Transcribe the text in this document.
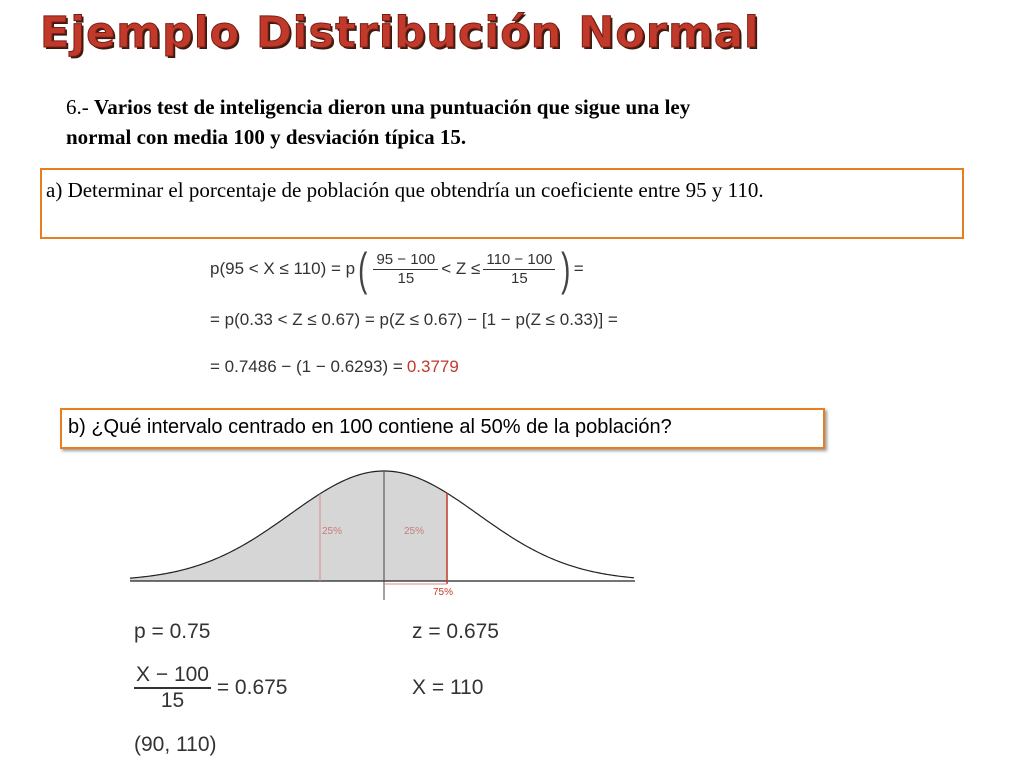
Ejemplo Distribución Normal
6.- Varios test de inteligencia dieron una puntuación que sigue una ley
normal con media 100 y desviación típica 15.
a) Determinar el porcentaje de población que obtendría un coeficiente entre 95 y 110.
p(95 < X ≤ 110) = p ( $\frac{95 - 100}{15} < Z \le \frac{110 - 100}{15}$ ) =
= p(0.33 < Z ≤ 0.67) = p(Z ≤ 0.67) − [1 − p(Z ≤ 0.33)] =
= 0.7486 − (1 − 0.6293) = 0.3779
b) ¿Qué intervalo centrado en 100 contiene al 50% de la población?
25%	25%
75%
p = 0.75	z = 0.675
$\frac{X - 100}{15} = 0.675$	X = 110
(90, 110)
